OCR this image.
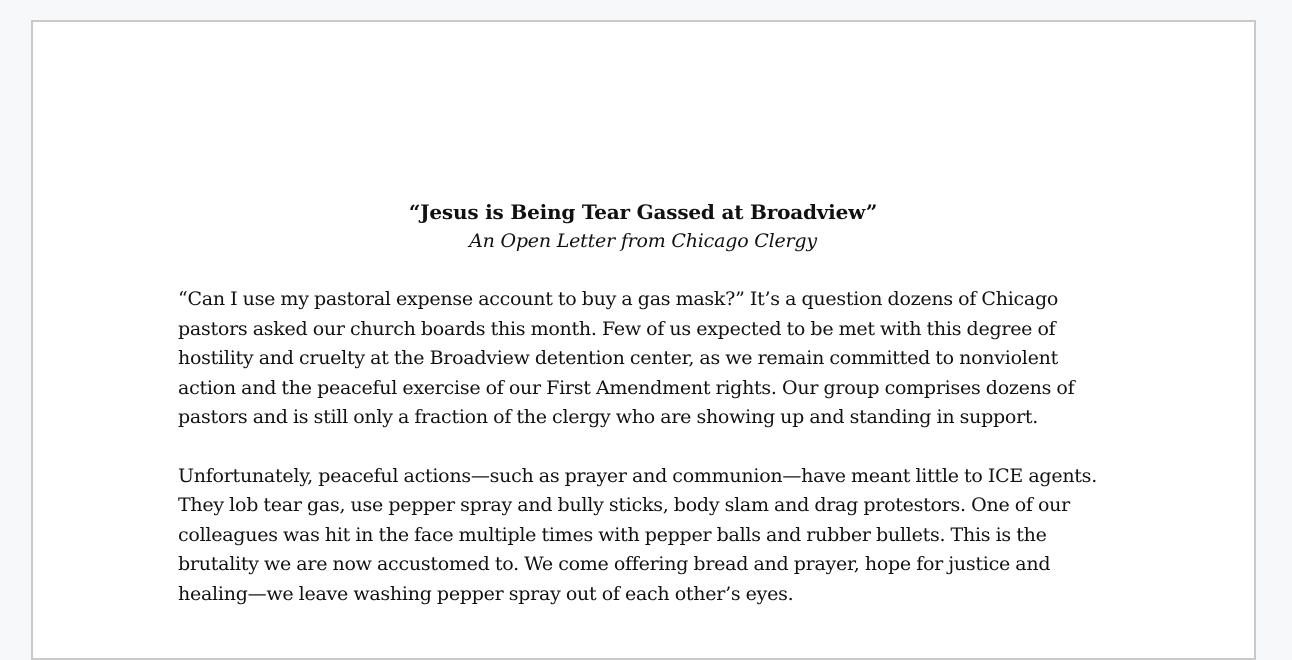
“Jesus is Being Tear Gassed at Broadview”

An Open Letter from Chicago Clergy

“Can I use my pastoral expense account to buy a gas mask?” It’s a question dozens of Chicago
pastors asked our church boards this month. Few of us expected to be met with this degree of
hostility and cruelty at the Broadview detention center, as we remain committed to nonviolent
action and the peaceful exercise of our First Amendment rights. Our group comprises dozens of
pastors and is still only a fraction of the clergy who are showing up and standing in support.

Unfortunately, peaceful actions—such as prayer and communion—have meant little to ICE agents.
They lob tear gas, use pepper spray and bully sticks, body slam and drag protestors. One of our
colleagues was hit in the face multiple times with pepper balls and rubber bullets. This is the
brutality we are now accustomed to. We come offering bread and prayer, hope for justice and
healing—we leave washing pepper spray out of each other’s eyes.
